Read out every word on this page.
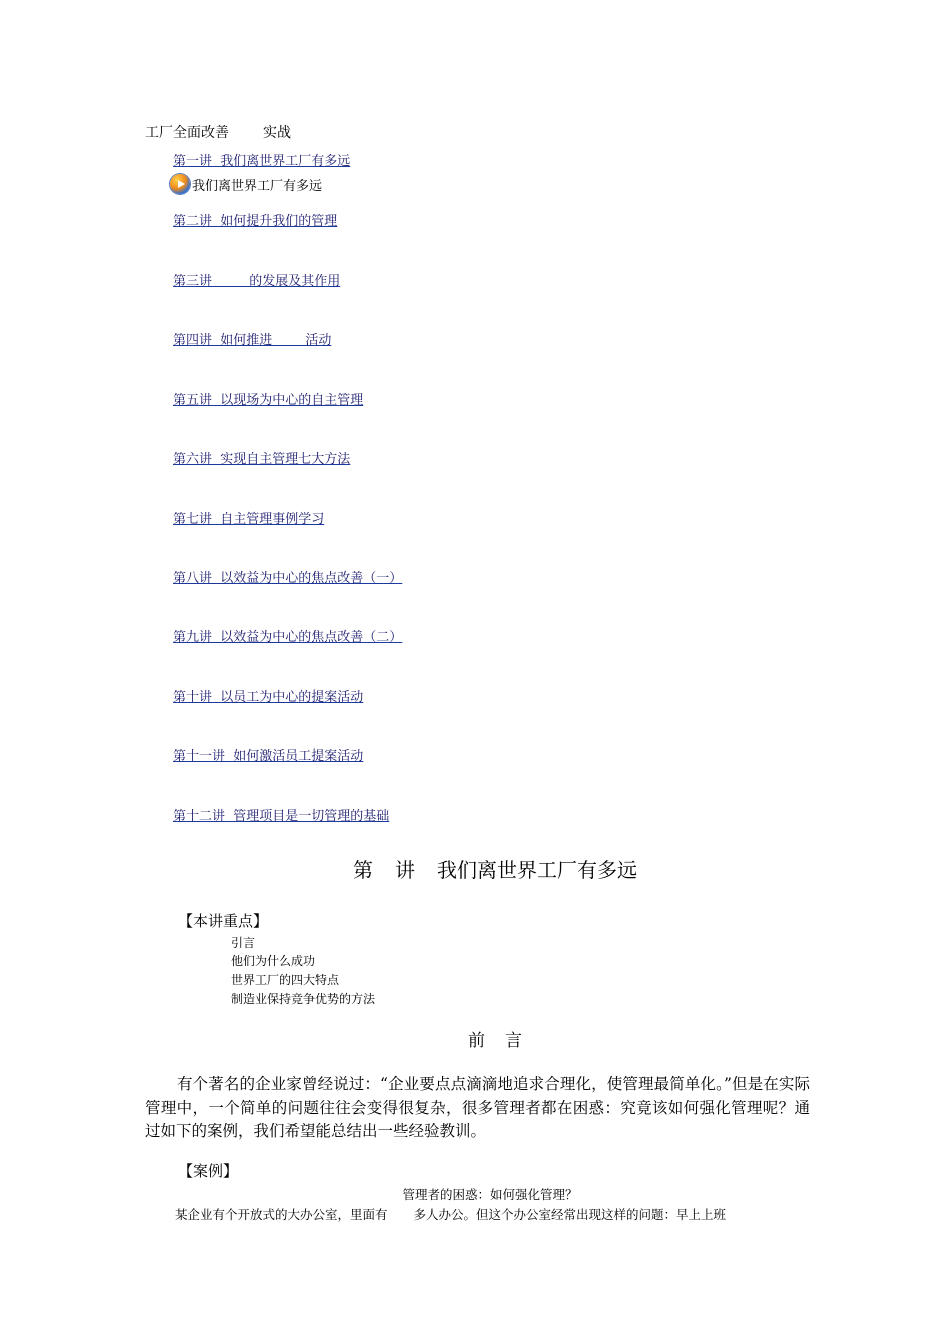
工厂全面改善 实战
第一讲  我们离世界工厂有多远
我们离世界工厂有多远
第二讲  如何提升我们的管理
第三讲         的发展及其作用
第四讲  如何推进        活动
第五讲  以现场为中心的自主管理
第六讲  实现自主管理七大方法
第七讲  自主管理事例学习
第八讲  以效益为中心的焦点改善（一）
第九讲  以效益为中心的焦点改善（二）
第十讲  以员工为中心的提案活动
第十一讲  如何激活员工提案活动
第十二讲  管理项目是一切管理的基础
第 讲 我们离世界工厂有多远
【本讲重点】
引言
他们为什么成功
世界工厂的四大特点
制造业保持竞争优势的方法
前 言

有个著名的企业家曾经说过：“企业要点点滴滴地追求合理化，使管理最简单化。”但是在实际管理中，一个简单的问题往往会变得很复杂，很多管理者都在困惑：究竟该如何强化管理呢？通过如下的案例，我们希望能总结出一些经验教训。

【案例】
管理者的困惑：如何强化管理？
某企业有个开放式的大办公室，里面有 多人办公。但这个办公室经常出现这样的问题：早上上班
